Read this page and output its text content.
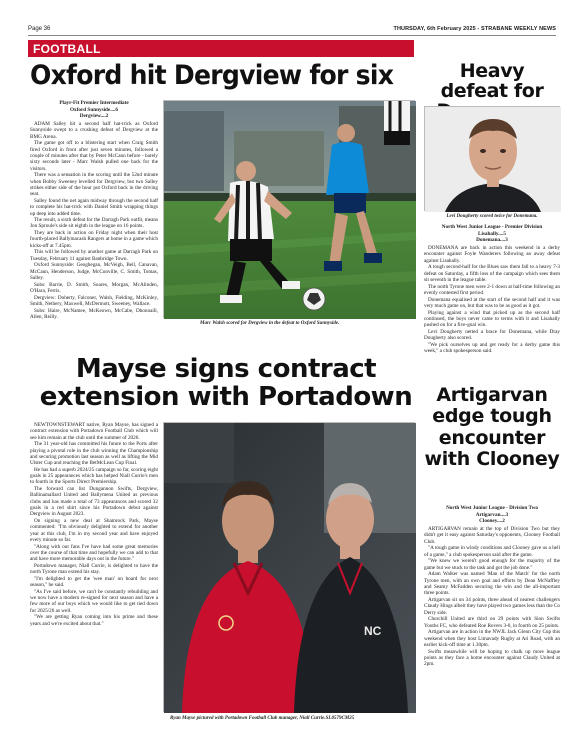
Page 36	THURSDAY, 6th February 2025 - STRABANE WEEKLY NEWS
FOOTBALL
Oxford hit Dergview for six	Heavy defeat for

Playr-Fit Premier Intermediate

Oxford Sunnyside....6

Dergview....2

ADAM Salley hit a second half hat-trick as Oxford Sunnyside swept to a crushing defeat of Dergview at the BMG Arena.

The game got off to a blistering start when Craig Smith fired Oxford in front after just seven minutes, followed a couple of minutes after that by Peter McCann before - barely sixty seconds later - Marc Walsh pulled one back for the visitors.

There was a sensation in the scoring until the 52nd minute when Bobby Sweeney levelled for Dergview, but two Salley strikes either side of the hour put Oxford back in the driving seat.

Salley found the net again midway through the second half to complete his hat-trick with Daniel Smith wrapping things up deep into added time.

The result, a sixth defeat for the Darragh Park outfit, means Jon Sproule's side sit eighth in the league on 16 points.

They are back in action on Friday night when their host fourth-placed Ballymacash Rangers at home in a game which kicks-off at 7.45pm.

This will be followed by another game at Darragh Park on Tuesday, February 11 against Banbridge Town.

Oxford Sunnyside: Geoghegan, McVeigh, Bell, Canavan, McCann, Henderson, Judge, McConville, C. Smith, Tomas, Salley.

Subs: Barrie, D. Smith, Soares, Morgan, McAlinden, O'Hara, Ferris.

Dergview: Doherty, Falconer, Walsh, Fielding, McKinley, Smith, Nethery, Maxwell, McDermott, Sweeney, Wallace.

Subs: Haire, McNamee, McKeown, McCabe, Dhonnaill, Allen, Reilly.

Marc Walsh scored for Dergview in the defeat to Oxford Sunnyside.
Levi Dougherty scored twice for Donemana.

North West Junior League - Premier Division

Lisahally....5

Donemana....3

DONEMANA are back in action this weekend in a derby encounter against Foyle Wanderers following an away defeat against Lisahally.

A tough second-half for the Blues saw them fall to a heavy 7-3 defeat on Saturday, a fifth loss of the campaign which sees them sit seventh in the league table.

The north Tyrone men were 2-1 down at half-time following an evenly contested first period.

Donemana equalised at the start of the second half and it was very much game on, but that was to be as good as it got.

Playing against a wind that picked up as the second half continued, the boys never came to terms with it and Lisahally pushed on for a five-goal win.

Levi Dougherty netted a brace for Donemana, while Dray Dougherty also scored.

"We pick ourselves up and get ready for a derby game this week," a club spokesperson said.

Mayse signs contract extension with Portadown

NEWTOWNSTEWART native, Ryan Mayse, has signed a contract extension with Portadown Football Club which will see him remain at the club until the summer of 2026.

The 31 year-old has committed his future to the Ports after playing a pivotal role in the club winning the Championship and securing promotion last season as well as lifting the Mid Ulster Cup and reaching the BetMcLean Cup Final.

He has had a superb 2024/25 campaign so far, scoring eight goals in 25 appearances which has helped Niall Currie's men to fourth in the Sports Direct Premiership.

The forward can list Dungannon Swifts, Dergview, Ballinamallard United and Ballymena United as previous clubs and has made a total of 73 appearances and scored 32 goals in a red shirt since his Portadown debut against Dergview in August 2023.

On signing a new deal at Shamrock Park, Mayse commented: "I'm obviously delighted to extend for another year at this club, I'm in my second year and have enjoyed every minute so far.

"Along with our fans I've have had some great memories over the course of that time and hopefully we can add to that and have more memorable days out in the future."

Portadown manager, Niall Currie, is delighted to have the north Tyrone man extend his stay.

"I'm delighted to get the 'wee man' on board for next season," he said.

"As I've said before, we can't be constantly rebuilding and we now have a modern re-signed for next season and have a few more of our boys which we would like to get tied down for 2025/26 as well.

"We are getting Ryan coming into his prime and these years and we're excited about that."

NC
Ryan Mayse pictured with Portadown Football Club manager, Niall Currie.SL0579CM25
Artigarvan edge tough encounter with Clooney

North West Junior League - Division Two

Artigarvan....3

Clooney....2

ARTIGARVAN remain at the top of Division Two but they didn't get it easy against Saturday's opponents, Clooney Football Club.

"A tough game in windy conditions and Clooney gave us a hell of a game," a club spokesperson said after the game.

"We knew we weren't good enough for the majority of the game but we stuck to the task and got the job done."

Adam Walker was named 'Man of the Match' for the north Tyrone men, with an own goal and efforts by Dean McNaffley and Seamy McFadden securing the win and the all-important three points.

Artigarvan sit on 34 points, three ahead of nearest challengers Claudy Hings albeit they have played two games less than the Co Derry side.

Churchill United are third on 29 points with Sion Swifts Youths FC, who defeated Roe Rovers 3-0, in fourth on 25 points.

Artigarvan are in action in the NWJL Jack Glenn City Cup this weekend when they host Limavady Rugby at Ari Road, with an earlier kick-off time at 1.30pm.

Swifts meanwhile will be hoping to chalk up more league points as they face a home encounter against Claudy United at 2pm.
